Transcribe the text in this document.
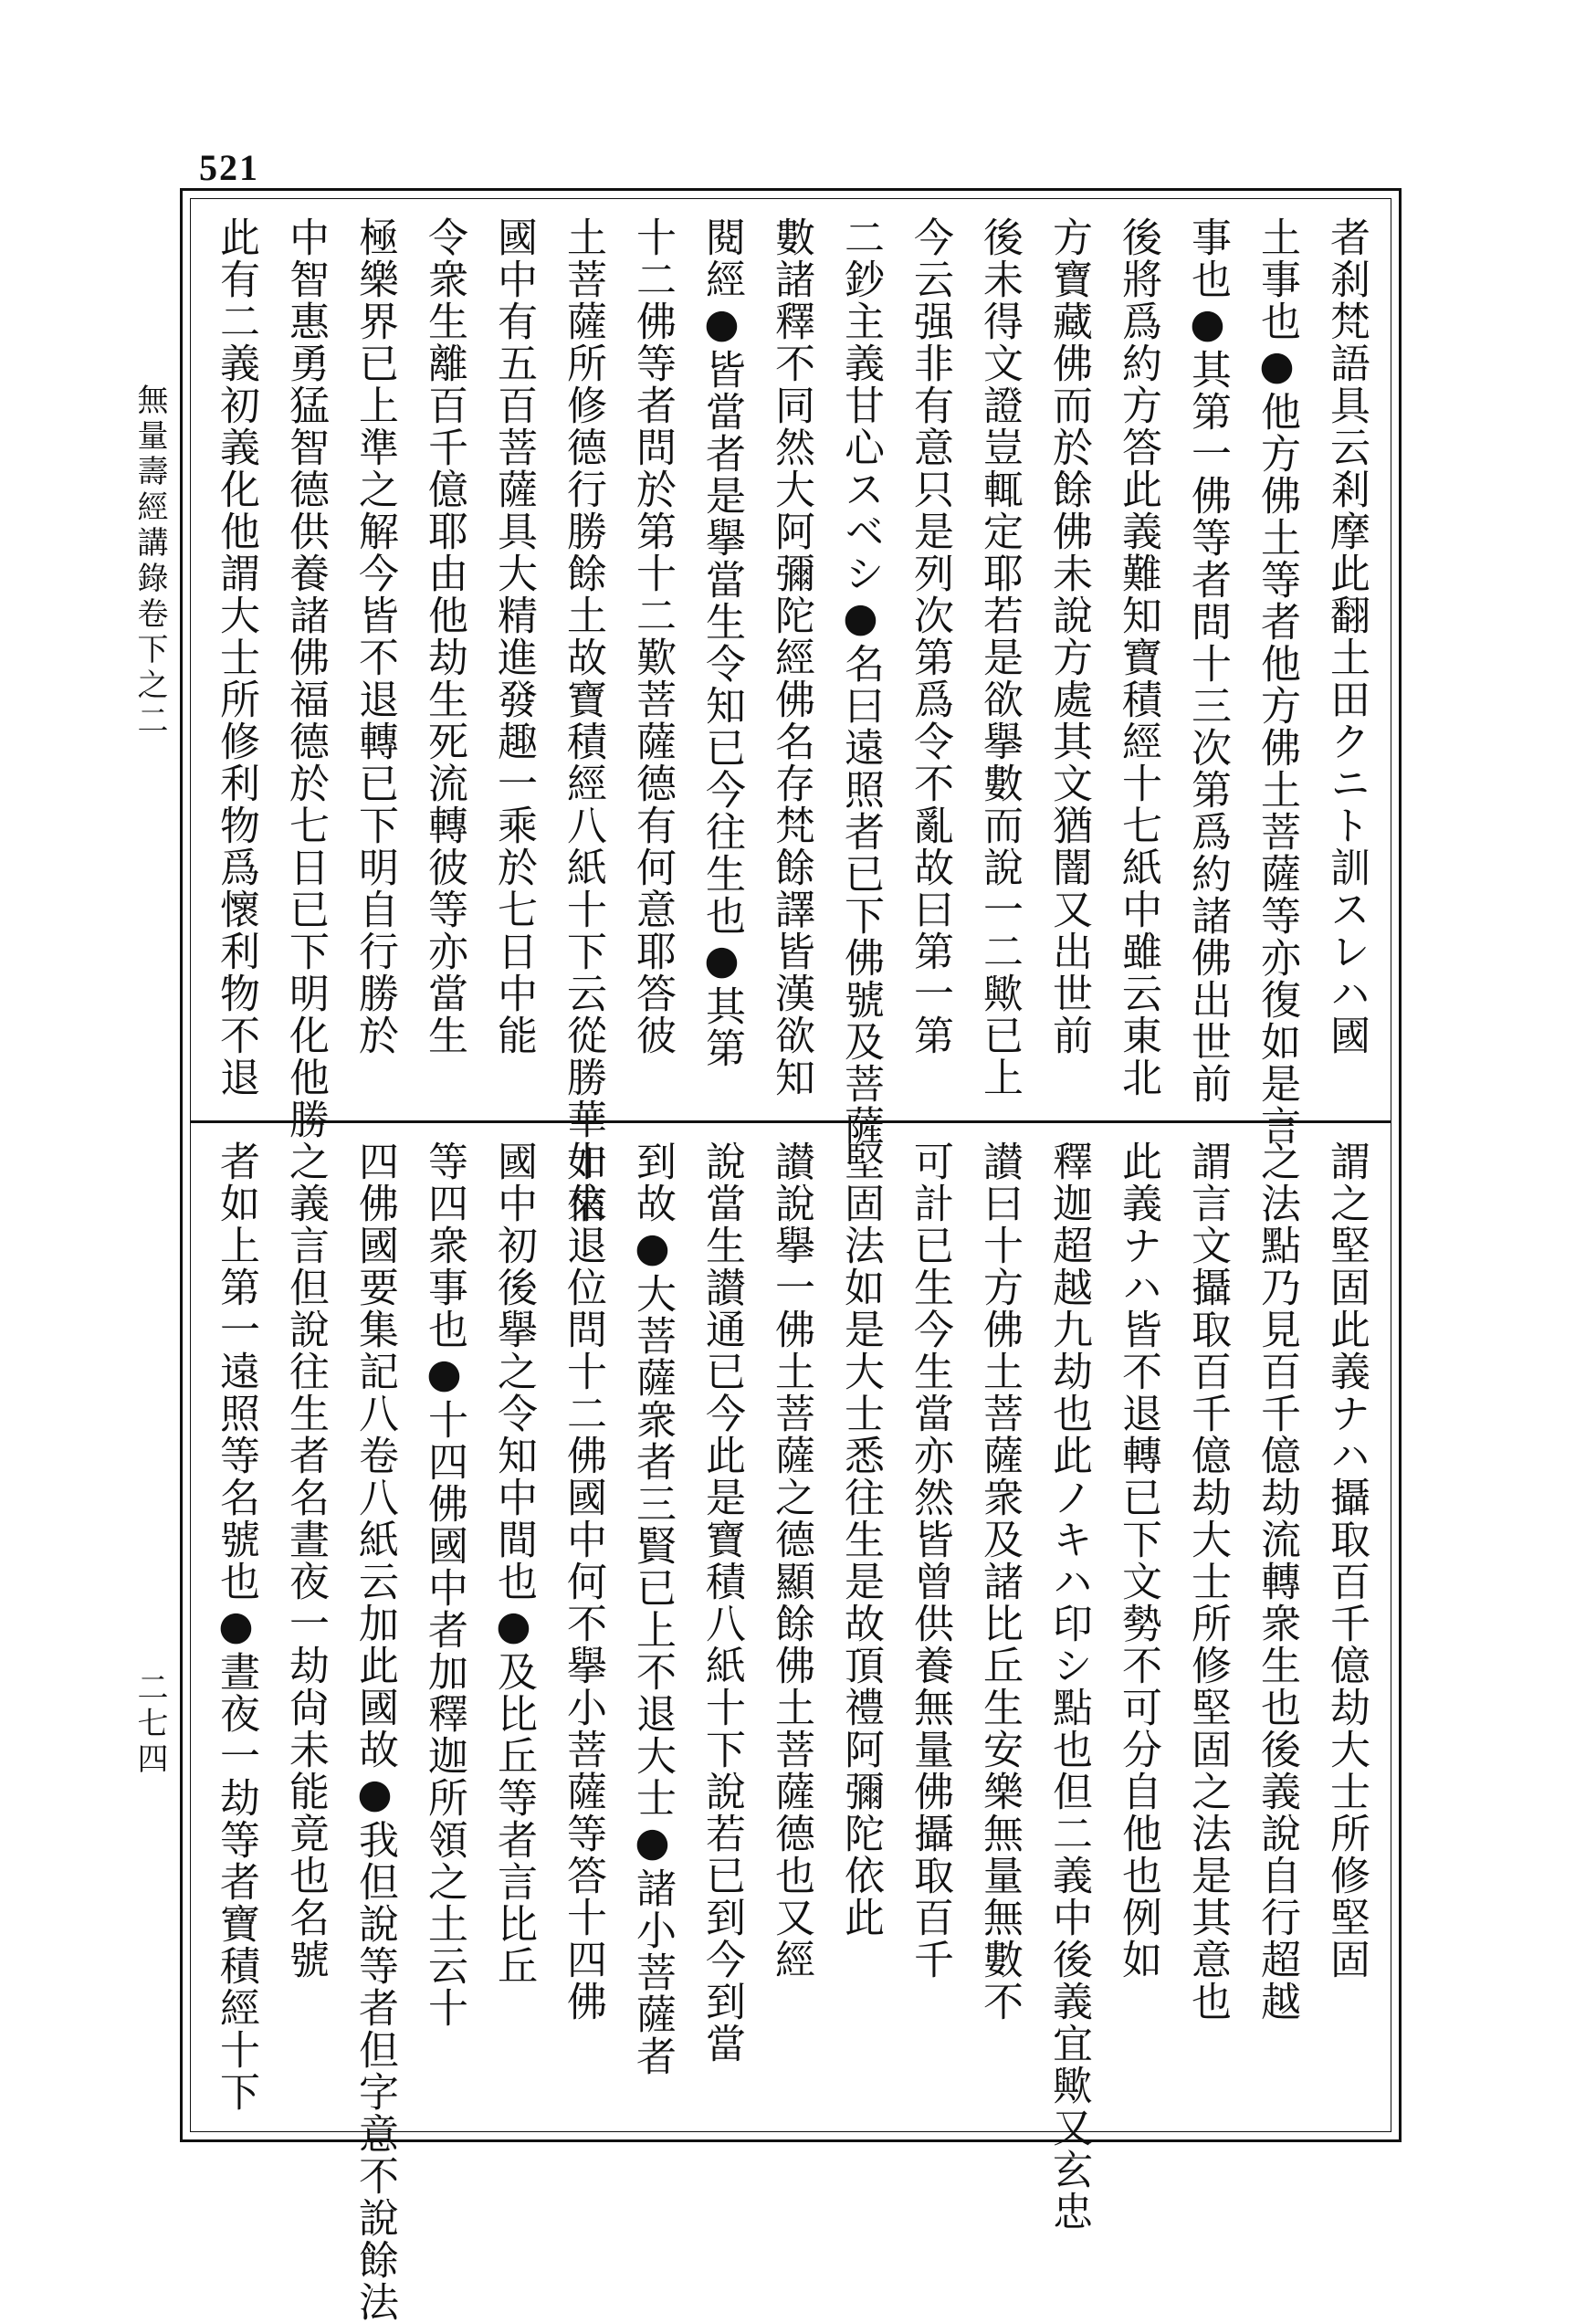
521
無量壽經講錄卷下之二
二七四
者刹梵語具云剎摩此翻土田クニト訓スレハ國
土事也●他方佛土等者他方佛土菩薩等亦復如是言
事也●其第一佛等者問十三次第爲約諸佛出世前
後將爲約方答此義難知寶積經十七紙中雖云東北
方寶藏佛而於餘佛未說方處其文猶闇又出世前
後未得文證豈輒定耶若是欲擧數而說一二歟已上
今云强非有意只是列次第爲令不亂故曰第一第
二鈔主義甘心スベシ●名曰遠照者已下佛號及菩薩
數諸釋不同然大阿彌陀經佛名存梵餘譯皆漢欲知
閱經●皆當者是擧當生令知已今往生也●其第
十二佛等者問於第十二歎菩薩德有何意耶答彼
土菩薩所修德行勝餘土故寶積經八紙十下云從勝華如來
國中有五百菩薩具大精進發趣一乘於七日中能
令衆生離百千億耶由他劫生死流轉彼等亦當生
極樂界已上準之解今皆不退轉已下明自行勝於
中智惠勇猛智德供養諸佛福德於七日已下明化他勝
此有二義初義化他謂大士所修利物爲懷利物不退
謂之堅固此義ナハ攝取百千億劫大士所修堅固
之法點乃見百千億劫流轉衆生也後義說自行超越
謂言文攝取百千億劫大士所修堅固之法是其意也
此義ナハ皆不退轉已下文勢不可分自他也例如
釋迦超越九劫也此ノキハ印シ點也但二義中後義宜歟又玄忠
讃曰十方佛土菩薩衆及諸比丘生安樂無量無數不
可計已生今生當亦然皆曾供養無量佛攝取百千
堅固法如是大士悉往生是故頂禮阿彌陀依此
讃說擧一佛土菩薩之德顯餘佛土菩薩德也又經
說當生讃通已今此是寶積八紙十下說若已到今到當
到故●大菩薩衆者三賢已上不退大士●諸小菩薩者
十信退位問十二佛國中何不擧小菩薩等答十四佛
國中初後擧之令知中間也●及比丘等者言比丘
等四衆事也●十四佛國中者加釋迦所領之土云十
四佛國要集記八卷八紙云加此國故●我但說等者但字意不說餘法
之義言但說往生者名晝夜一劫尙未能竟也名號
者如上第一遠照等名號也●晝夜一劫等者寶積經十下
